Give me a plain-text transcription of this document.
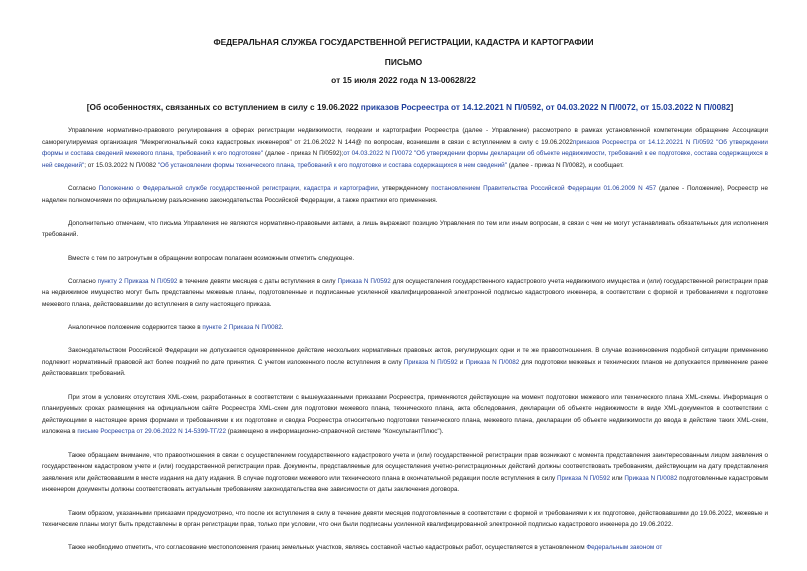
ФЕДЕРАЛЬНАЯ СЛУЖБА ГОСУДАРСТВЕННОЙ РЕГИСТРАЦИИ, КАДАСТРА И КАРТОГРАФИИ
ПИСЬМО
от 15 июля 2022 года N 13-00628/22
[Об особенностях, связанных со вступлением в силу с 19.06.2022 приказов Росреестра от 14.12.2021 N П/0592, от 04.03.2022 N П/0072, от 15.03.2022 N П/0082]

Управление нормативно-правового регулирования в сферах регистрации недвижимости, геодезии и картографии Росреестра (далее - Управление) рассмотрело в рамках установленной компетенции обращение Ассоциации саморегулируемая организация "Межрегиональный союз кадастровых инженеров" от 21.06.2022 N 144@ по вопросам, возникшим в связи с вступлением в силу с 19.06.2022приказов Росреестра от 14.12.20221 N П/0592 "Об утверждении формы и состава сведений межевого плана, требований к его подготовке" (далее - приказ N П/0592);от 04.03.2022 N П/0072 "Об утверждении формы декларации об объекте недвижимости, требований к ее подготовке, состава содержащихся в ней сведений"; от 15.03.2022 N П/0082 "Об установлении формы технического плана, требований к его подготовке и состава содержащихся в нем сведений" (далее - приказ N П/0082), и сообщает.

Согласно Положению о Федеральной службе государственной регистрации, кадастра и картографии, утвержденному постановлением Правительства Российской Федерации 01.06.2009 N 457 (далее - Положение), Росреестр не наделен полномочиями по официальному разъяснению законодательства Российской Федерации, а также практики его применения.

Дополнительно отмечаем, что письма Управления не являются нормативно-правовыми актами, а лишь выражают позицию Управления по тем или иным вопросам, в связи с чем не могут устанавливать обязательных для исполнения требований.

Вместе с тем по затронутым в обращении вопросам полагаем возможным отметить следующее.

Согласно пункту 2 Приказа N П/0592 в течение девяти месяцев с даты вступления в силу Приказа N П/0592 для осуществления государственного кадастрового учета недвижимого имущества и (или) государственной регистрации прав на недвижимое имущество могут быть представлены межевые планы, подготовленные и подписанные усиленной квалифицированной электронной подписью кадастрового инженера, в соответствии с формой и требованиями к подготовке межевого плана, действовавшими до вступления в силу настоящего приказа.

Аналогичное положение содержится также в пункте 2 Приказа N П/0082.

Законодательством Российской Федерации не допускается одновременное действие нескольких нормативных правовых актов, регулирующих одни и те же правоотношения. В случае возникновения подобной ситуации применению подлежит нормативный правовой акт более поздний по дате принятия. С учетом изложенного после вступления в силу Приказа N П/0592 и Приказа N П/0082 для подготовки межевых и технических планов не допускается применение ранее действовавших требований.

При этом в условиях отсутствия XML-схем, разработанных в соответствии с вышеуказанными приказами Росреестра, применяются действующие на момент подготовки межевого или технического плана XML-схемы. Информация о планируемых сроках размещения на официальном сайте Росреестра XML-схем для подготовки межевого плана, технического плана, акта обследования, декларации об объекте недвижимости в виде XML-документов в соответствии с действующими в настоящее время формами и требованиями к их подготовке и сводка Росреестра относительно подготовки технического плана, межевого плана, декларации об объекте недвижимости до ввода в действие таких XML-схем, изложена в письме Росреестра от 29.06.2022 N 14-5399-ТГ/22 (размещено в информационно-справочной системе "КонсультантПлюс").

Также обращаем внимание, что правоотношения в связи с осуществлением государственного кадастрового учета и (или) государственной регистрации прав возникают с момента представления заинтересованным лицом заявления о государственном кадастровом учете и (или) государственной регистрации прав. Документы, представляемые для осуществления учетно-регистрационных действий должны соответствовать требованиям, действующим на дату представления заявления или действовавшим в месте издания на дату издания. В случае подготовки межевого или технического плана в окончательной редакции после вступления в силу Приказа N П/0592 или Приказа N П/0082 подготовленные кадастровым инженером документы должны соответствовать актуальным требованиям законодательства вне зависимости от даты заключения договора.

Таким образом, указанными приказами предусмотрено, что после их вступления в силу в течение девяти месяцев подготовленные в соответствии с формой и требованиями к их подготовке, действовавшими до 19.06.2022, межевые и технические планы могут быть представлены в орган регистрации прав, только при условии, что они были подписаны усиленной квалифицированной электронной подписью кадастрового инженера до 19.06.2022.

Также необходимо отметить, что согласование местоположения границ земельных участков, являясь составной частью кадастровых работ, осуществляется в установленном Федеральным законом от
